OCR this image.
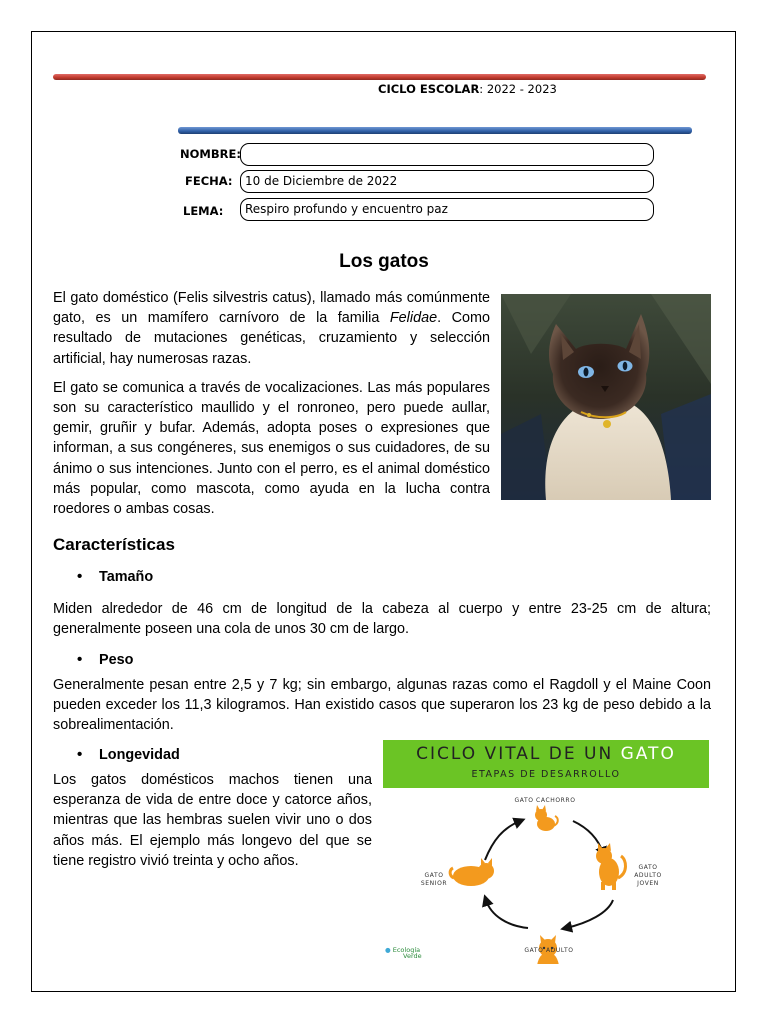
CICLO ESCOLAR: 2022 - 2023
NOMBRE:
FECHA:	10 de Diciembre de 2022
LEMA:	Respiro profundo y encuentro paz
Los gatos

El gato doméstico (Felis silvestris catus), llamado más comúnmente gato, es un mamífero carnívoro de la familia Felidae. Como resultado de mutaciones genéticas, cruzamiento y selección artificial, hay numerosas razas.

El gato se comunica a través de vocalizaciones. Las más populares son su característico maullido y el ronroneo, pero puede aullar, gemir, gruñir y bufar. Además, adopta poses o expresiones que informan, a sus congéneres, sus enemigos o sus cuidadores, de su ánimo o sus intenciones. Junto con el perro, es el animal doméstico más popular, como mascota, como ayuda en la lucha contra roedores o ambas cosas.

Características
• Tamaño

Miden alrededor de 46 cm de longitud de la cabeza al cuerpo y entre 23-25 cm de altura; generalmente poseen una cola de unos 30 cm de largo.

• Peso

Generalmente pesan entre 2,5 y 7 kg; sin embargo, algunas razas como el Ragdoll y el Maine Coon pueden exceder los 11,3 kilogramos. Han existido casos que superaron los 23 kg de peso debido a la sobrealimentación.

• Longevidad

Los gatos domésticos machos tienen una esperanza de vida de entre doce y catorce años, mientras que las hembras suelen vivir uno o dos años más. El ejemplo más longevo del que se tiene registro vivió treinta y ocho años.

CICLO VITAL DE UN GATO
ETAPAS DE DESARROLLO
GATO CACHORRO
GATO
ADULTO
JOVEN
GATO ADULTO
GATO
SENIOR
● Ecología
Verde
